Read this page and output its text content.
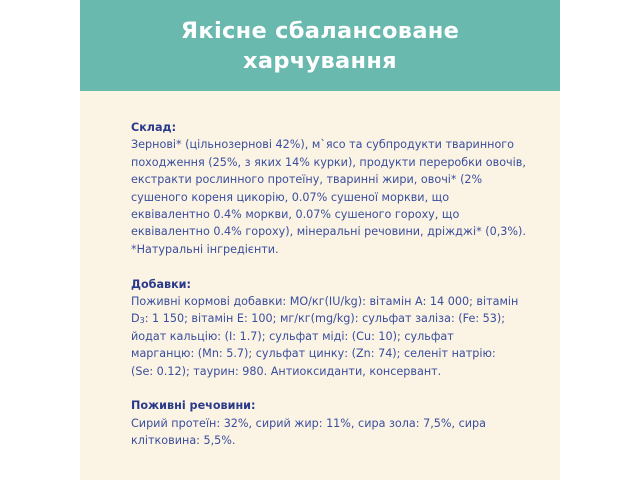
Якісне сбалансоване
харчування
Склад:
Зернові* (цільнозернові 42%), м`ясо та субпродукти тваринного
походження (25%, з яких 14% курки), продукти переробки овочів,
екстракти рослинного протеїну, тваринні жири, овочі* (2%
сушеного кореня цикорію, 0.07% сушеної моркви, що
еквівалентно 0.4% моркви, 0.07% сушеного гороху, що
еквівалентно 0.4% гороху), мінеральні речовини, дріжджі* (0,3%).
*Натуральні інгредієнти.
Добавки:
Поживні кормові добавки: МО/кг(IU/kg): вітамін А: 14 000; вітамін
$D_3$: 1 150; вітамін Е: 100; мг/кг(mg/kg): сульфат заліза: (Fe: 53);
йодат кальцію: (I: 1.7); сульфат міді: (Cu: 10); сульфат
марганцю: (Mn: 5.7); сульфат цинку: (Zn: 74); селеніт натрію:
(Se: 0.12); таурин: 980. Антиоксиданти, консервант.
Поживні речовини:
Сирий протеїн: 32%, сирий жир: 11%, сира зола: 7,5%, сира
клітковина: 5,5%.
